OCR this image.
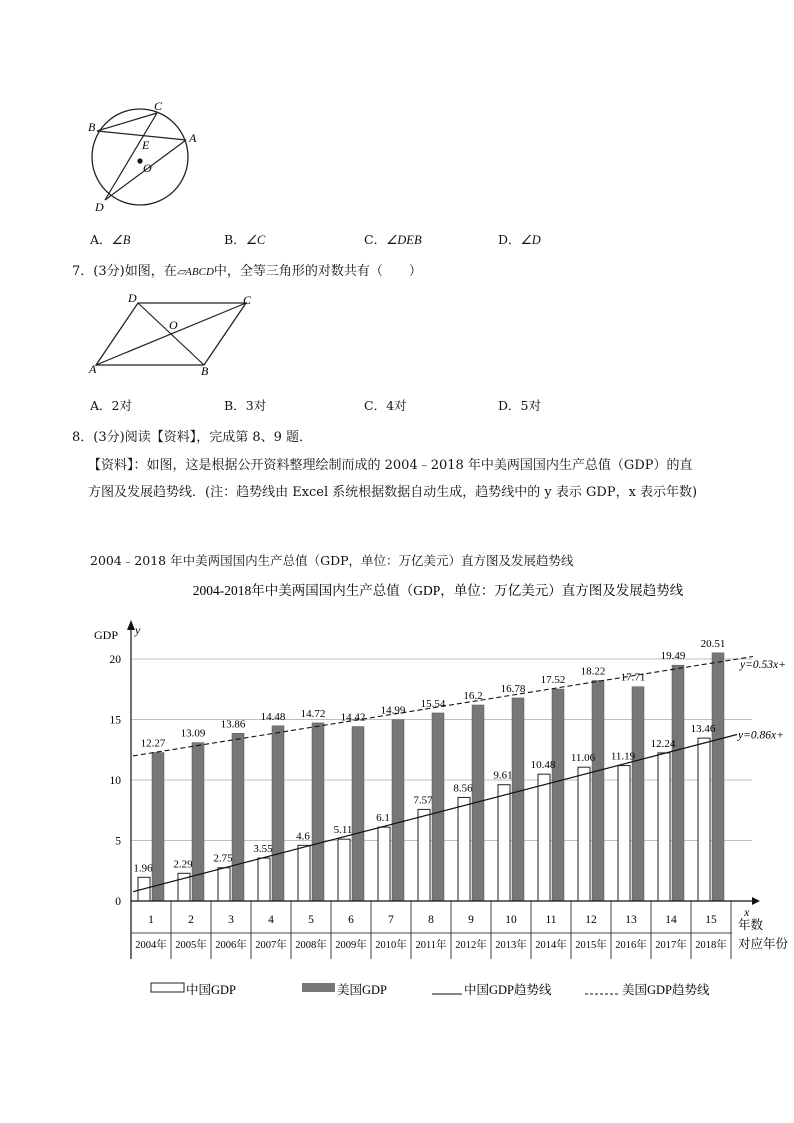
B
C
A
E
O
D
A．∠B	B．∠C	C．∠DEB	D．∠D
7．(3分)如图，在▱ABCD中，全等三角形的对数共有（　　）
D	C
O
A	B
A．2对	B．3对	C．4对	D．5对
8．(3分)阅读【资料】，完成第 8、9 题．
【资料】：如图，这是根据公开资料整理绘制而成的 2004﹣2018 年中美两国国内生产总值（GDP）的直
方图及发展趋势线．(注：趋势线由 Excel 系统根据数据自动生成，趋势线中的 y 表示 GDP，x 表示年数)
2004﹣2018 年中美两国国内生产总值（GDP，单位：万亿美元）直方图及发展趋势线
2004-2018年中美两国国内生产总值（GDP，单位：万亿美元）直方图及发展趋势线
y=0.86x+
y=0.53x+
1.96
12.27
2.29
13.09
2.75
13.86
3.55
14.48
4.6
14.72
5.11
14.42
6.1
14.99
7.57
15.54
8.56
16.2
9.61
16.78
10.48
17.52
11.06
18.22
11.19
17.71
12.24
19.49
13.46
20.51
0
5
10
15
20
GDP y
x
年数
对应年份
1
2004年
2
2005年
3
2006年
4
2007年
5
2008年
6
2009年
7
2010年
8
2011年
9
2012年
10
2013年
11
2014年
12
2015年
13
2016年
14
2017年
15
2018年
中国GDP	美国GDP	中国GDP趋势线	美国GDP趋势线
